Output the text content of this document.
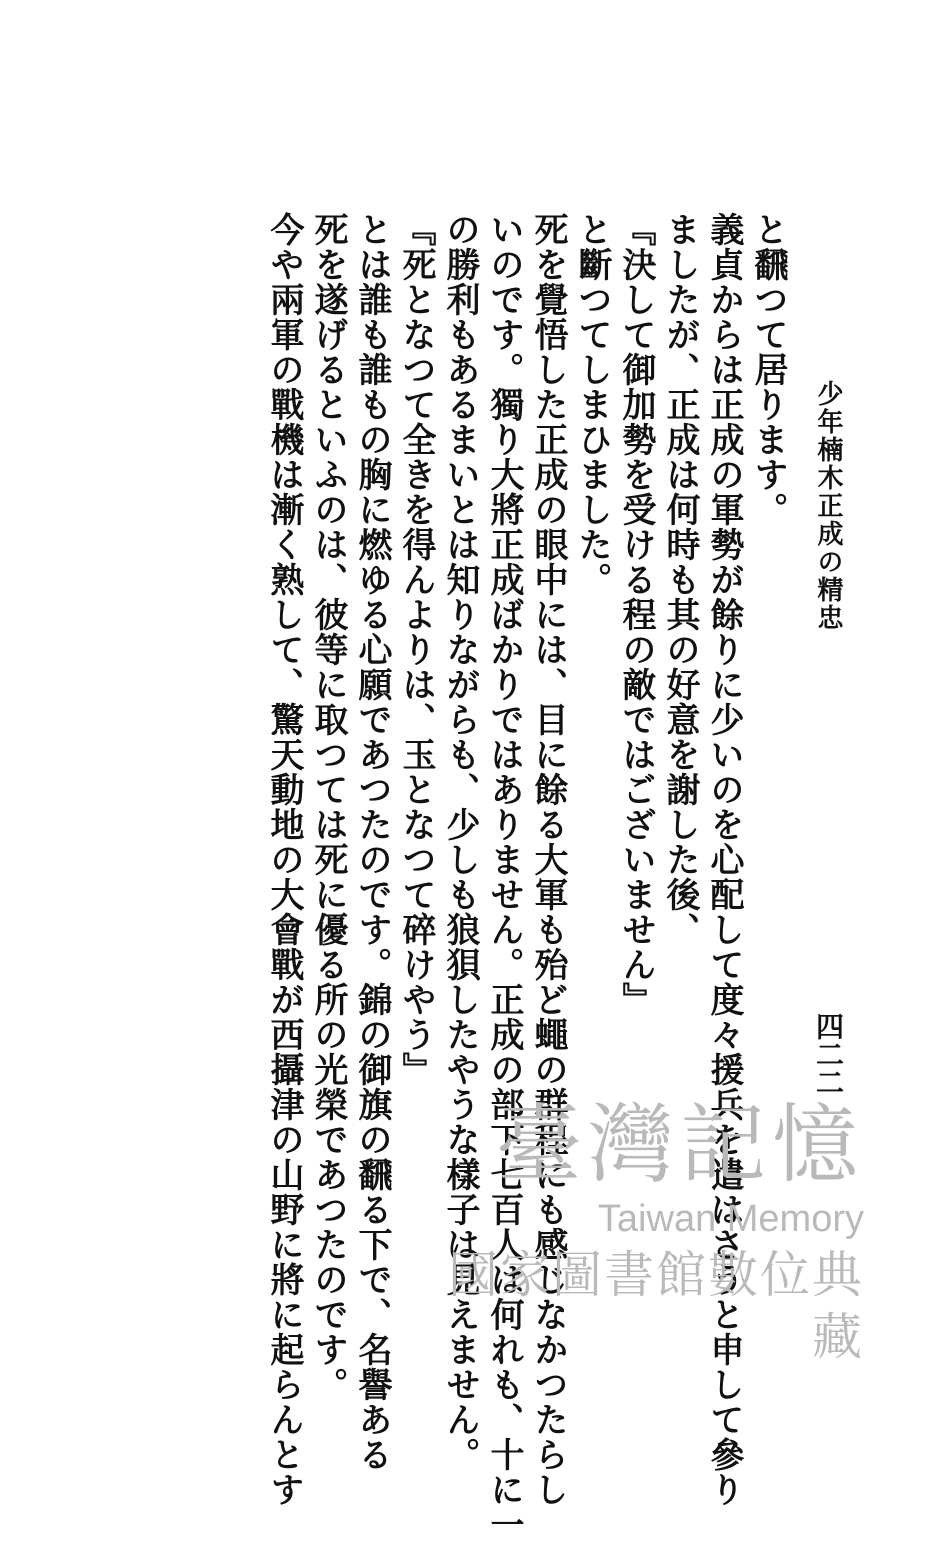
少年楠木正成の精忠
四二二
と飜つて居ります。
義貞からは正成の軍勢が餘りに少いのを心配して度々援兵を遣はさうと申して參り
ましたが、正成は何時も其の好意を謝した後、
『決して御加勢を受ける程の敵ではございません』
と斷つてしまひました。
死を覺悟した正成の眼中には、目に餘る大軍も殆ど蠅の群程にも感じなかつたらし
いのです。獨り大將正成ばかりではありません。正成の部下七百人は何れも、十に一
の勝利もあるまいとは知りながらも、少しも狼狽したやうな樣子は見えません。
『死となつて全きを得んよりは、玉となつて碎けやう』
とは誰も誰もの胸に燃ゆる心願であつたのです。錦の御旗の飜る下で、名譽ある
死を遂げるといふのは、彼等に取つては死に優る所の光榮であつたのです。
今や兩軍の戰機は漸く熟して、驚天動地の大會戰が西攝津の山野に將に起らんとす	臺灣記憶
Taiwan Memory
國家圖書館數位典藏
